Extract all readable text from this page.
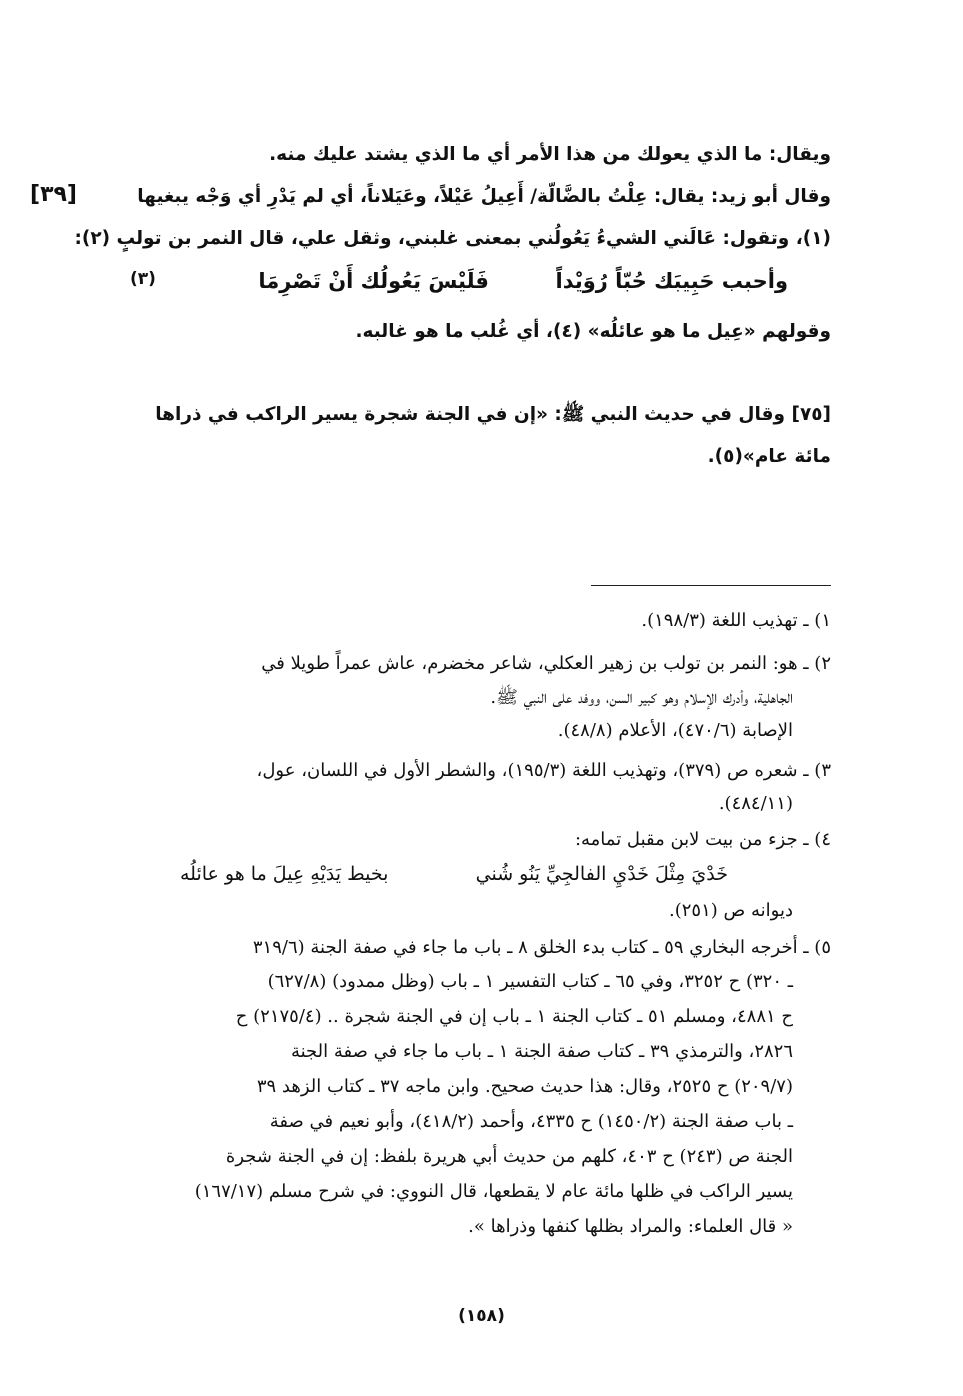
[٣٩]
ويقال: ما الذي يعولك من هذا الأمر أي ما الذي يشتد عليك منه.
وقال أبو زيد: يقال: عِلْتُ بالضَّالّة/ أَعِيلُ عَيْلاً، وعَيَلاناً، أي لم يَدْرِ أي وَجْه يبغيها
(١)، وتقول: عَالَني الشيءُ يَعُولُني بمعنى غلبني، وثقل علي، قال النمر بن تولبٍ (٢):
وأحبب حَبِيبَك حُبّاً رُوَيْداً
فَلَيْسَ يَعُولُك أَنْ تَصْرِمَا
(٣)
وقولهم «عِيل ما هو عائلُه» (٤)، أي غُلب ما هو غالبه.
[٧٥] وقال في حديث النبي ﷺ: «إن في الجنة شجرة يسير الراكب في ذراها
مائة عام»(٥).
١) ـ تهذيب اللغة (١٩٨/٣).
٢) ـ هو: النمر بن تولب بن زهير العكلي، شاعر مخضرم، عاش عمراً طويلا في
الجاهلية، وأدرك الإسلام وهو كبير السن، ووفد على النبي ﷺ.
الإصابة (٤٧٠/٦)، الأعلام (٤٨/٨).
٣) ـ شعره ص (٣٧٩)، وتهذيب اللغة (١٩٥/٣)، والشطر الأول في اللسان، عول،
(٤٨٤/١١).
٤) ـ جزء من بيت لابن مقبل تمامه:
خَدْيَ مِثْلَ خَدْيِ الفالجِيِّ يَنُو شُني
بخيط يَدَيْهِ عِيلَ ما هو عائلُه
ديوانه ص (٢٥١).
٥) ـ أخرجه البخاري ٥٩ ـ كتاب بدء الخلق ٨ ـ باب ما جاء في صفة الجنة (٣١٩/٦
ـ ٣٢٠) ح ٣٢٥٢، وفي ٦٥ ـ كتاب التفسير ١ ـ باب (وظل ممدود) (٦٢٧/٨)
ح ٤٨٨١، ومسلم ٥١ ـ كتاب الجنة ١ ـ باب إن في الجنة شجرة .. (٢١٧٥/٤) ح
٢٨٢٦، والترمذي ٣٩ ـ كتاب صفة الجنة ١ ـ باب ما جاء في صفة الجنة
(٢٠٩/٧) ح ٢٥٢٥، وقال: هذا حديث صحيح. وابن ماجه ٣٧ ـ كتاب الزهد ٣٩
ـ باب صفة الجنة (١٤٥٠/٢) ح ٤٣٣٥، وأحمد (٤١٨/٢)، وأبو نعيم في صفة
الجنة ص (٢٤٣) ح ٤٠٣، كلهم من حديث أبي هريرة بلفظ: إن في الجنة شجرة
يسير الراكب في ظلها مائة عام لا يقطعها، قال النووي: في شرح مسلم (١٦٧/١٧)
« قال العلماء: والمراد بظلها كنفها وذراها ».
(١٥٨)
